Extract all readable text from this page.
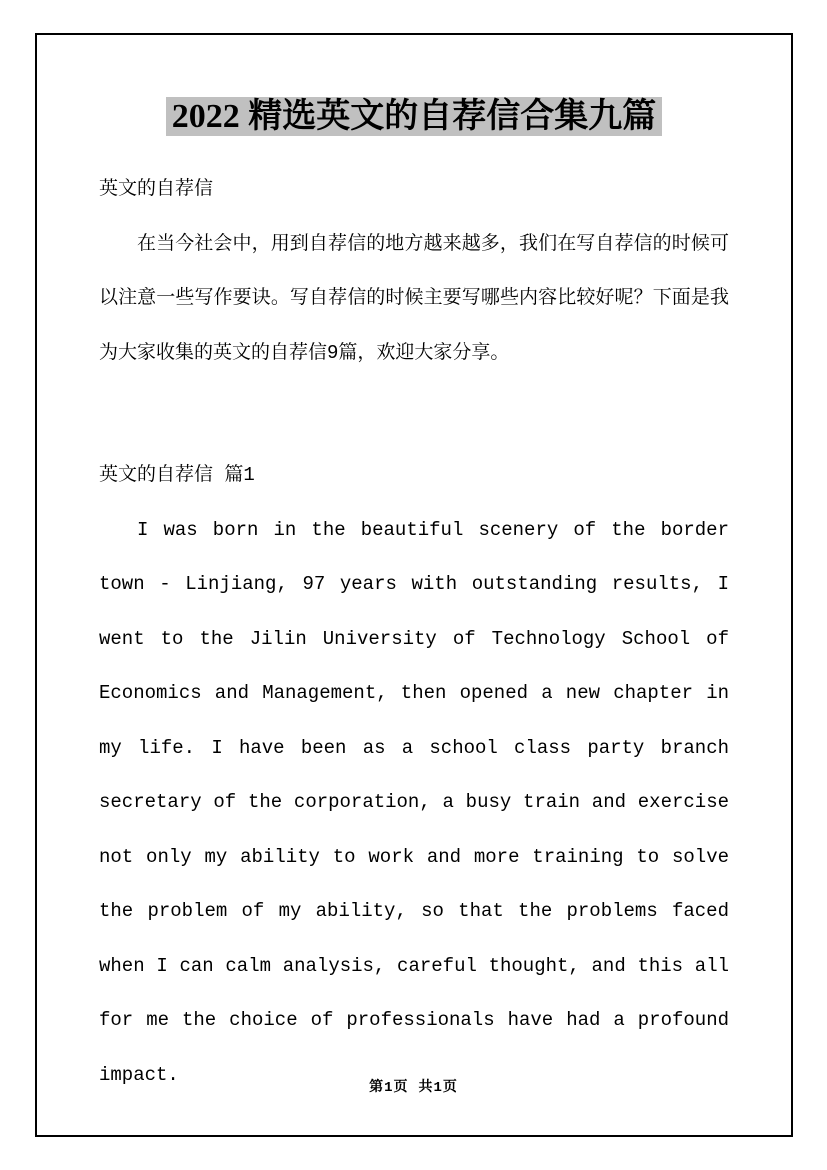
2022 精选英文的自荐信合集九篇
英文的自荐信

在当今社会中，用到自荐信的地方越来越多，我们在写自荐信的时候可以注意一些写作要诀。写自荐信的时候主要写哪些内容比较好呢？下面是我为大家收集的英文的自荐信9篇，欢迎大家分享。

英文的自荐信 篇1

I was born in the beautiful scenery of the border town - Linjiang, 97 years with outstanding results, I went to the Jilin University of Technology School of Economics and Management, then opened a new chapter in my life. I have been as a school class party branch secretary of the corporation, a busy train and exercise not only my ability to work and more training to solve the problem of my ability, so that the problems faced when I can calm analysis, careful thought, and this all for me the choice of professionals have had a profound impact.

第1页 共1页
